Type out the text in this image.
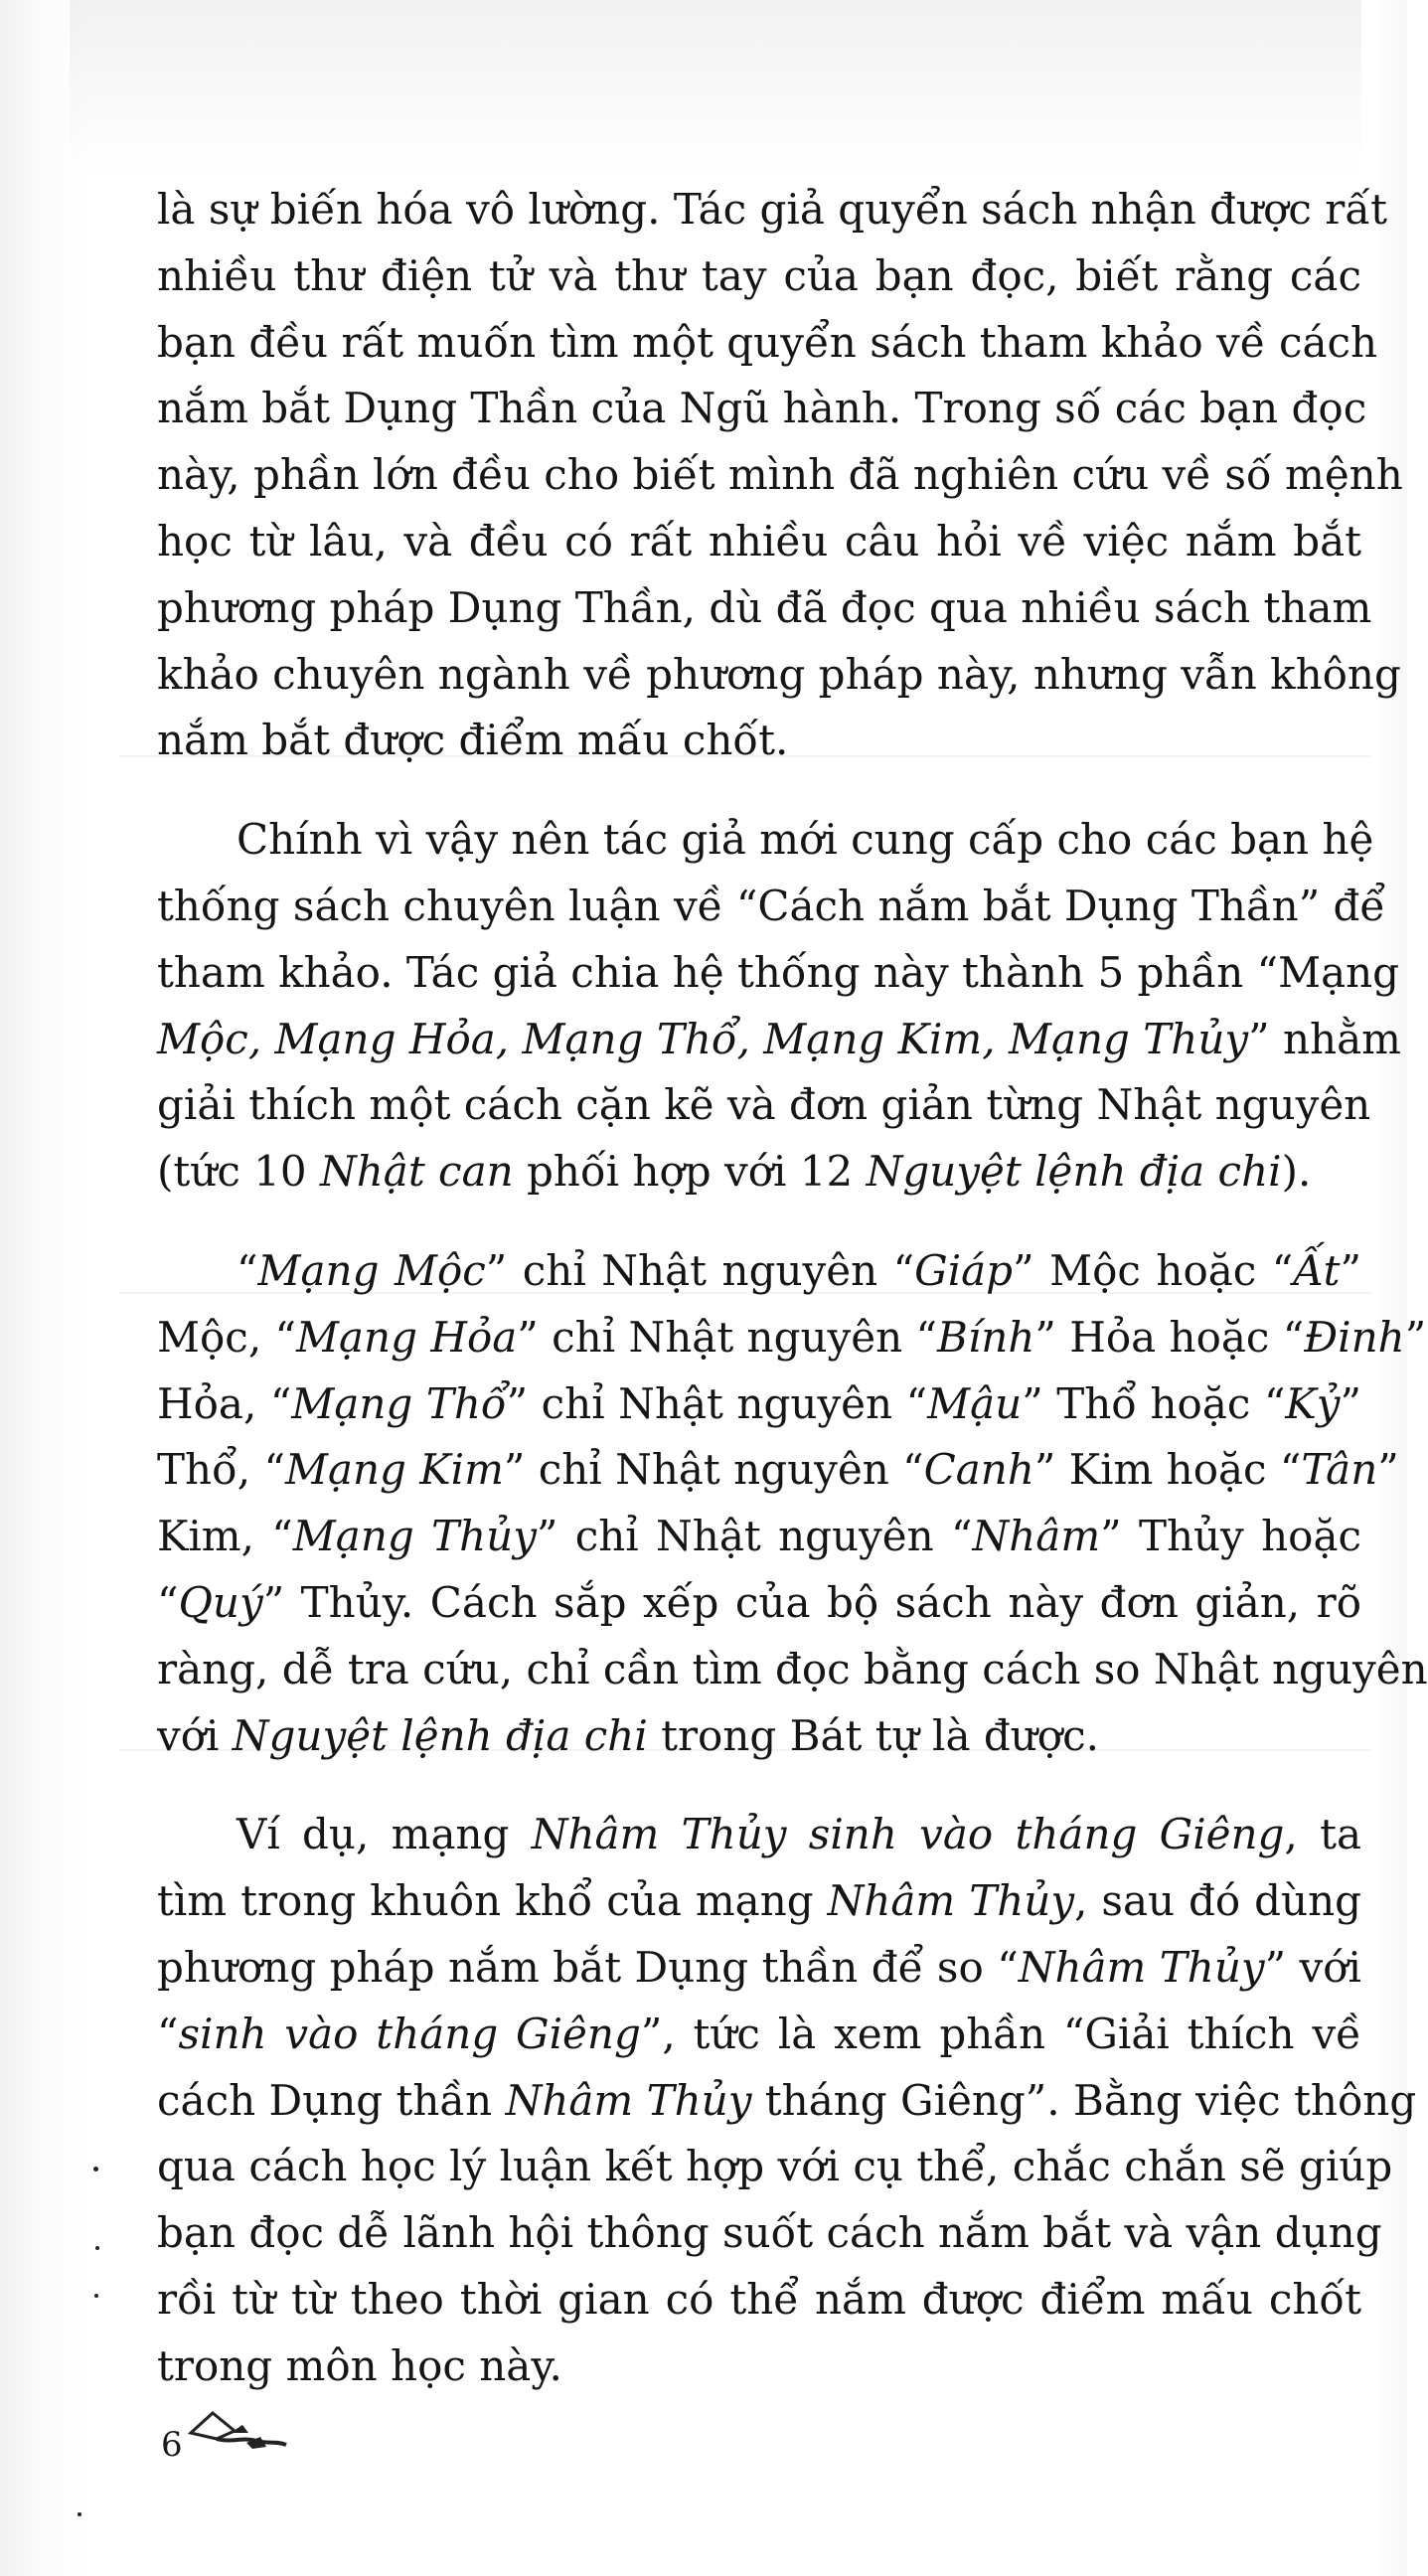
là sự biến hóa vô lường. Tác giả quyển sách nhận được rất
nhiều thư điện tử và thư tay của bạn đọc, biết rằng các
bạn đều rất muốn tìm một quyển sách tham khảo về cách
nắm bắt Dụng Thần của Ngũ hành. Trong số các bạn đọc
này, phần lớn đều cho biết mình đã nghiên cứu về số mệnh
học từ lâu, và đều có rất nhiều câu hỏi về việc nắm bắt
phương pháp Dụng Thần, dù đã đọc qua nhiều sách tham
khảo chuyên ngành về phương pháp này, nhưng vẫn không
nắm bắt được điểm mấu chốt.
Chính vì vậy nên tác giả mới cung cấp cho các bạn hệ
thống sách chuyên luận về “Cách nắm bắt Dụng Thần” để
tham khảo. Tác giả chia hệ thống này thành 5 phần “Mạng
Mộc, Mạng Hỏa, Mạng Thổ, Mạng Kim, Mạng Thủy” nhằm
giải thích một cách cặn kẽ và đơn giản từng Nhật nguyên
(tức 10 Nhật can phối hợp với 12 Nguyệt lệnh địa chi).
“Mạng Mộc” chỉ Nhật nguyên “Giáp” Mộc hoặc “Ất”
Mộc, “Mạng Hỏa” chỉ Nhật nguyên “Bính” Hỏa hoặc “Đinh”
Hỏa, “Mạng Thổ” chỉ Nhật nguyên “Mậu” Thổ hoặc “Kỷ”
Thổ, “Mạng Kim” chỉ Nhật nguyên “Canh” Kim hoặc “Tân”
Kim, “Mạng Thủy” chỉ Nhật nguyên “Nhâm” Thủy hoặc
“Quý” Thủy. Cách sắp xếp của bộ sách này đơn giản, rõ
ràng, dễ tra cứu, chỉ cần tìm đọc bằng cách so Nhật nguyên
với Nguyệt lệnh địa chi trong Bát tự là được.
Ví dụ, mạng Nhâm Thủy sinh vào tháng Giêng, ta
tìm trong khuôn khổ của mạng Nhâm Thủy, sau đó dùng
phương pháp nắm bắt Dụng thần để so “Nhâm Thủy” với
“sinh vào tháng Giêng”, tức là xem phần “Giải thích về
cách Dụng thần Nhâm Thủy tháng Giêng”. Bằng việc thông
qua cách học lý luận kết hợp với cụ thể, chắc chắn sẽ giúp
bạn đọc dễ lãnh hội thông suốt cách nắm bắt và vận dụng
rồi từ từ theo thời gian có thể nắm được điểm mấu chốt
trong môn học này.
6
